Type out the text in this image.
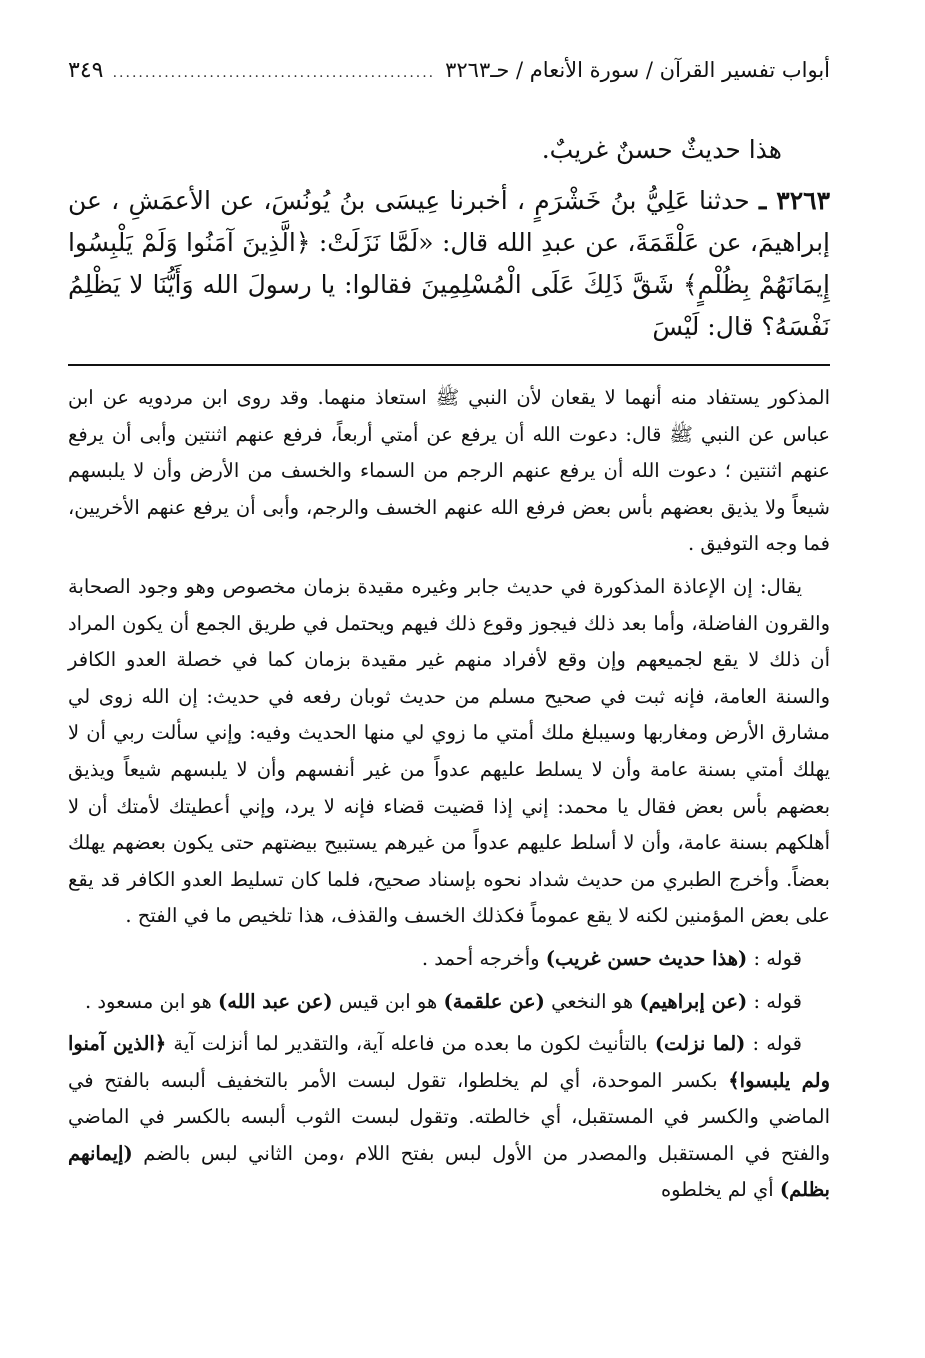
أبواب تفسير القرآن / سورة الأنعام / حـ٣٢٦٣
.....
٣٤٩
هذا حديثٌ حسنٌ غريبٌ.

٣٢٦٣ ـ حدثنا عَلِيُّ بنُ خَشْرَمٍ ، أخبرنا عِيسَى بنُ يُونُسَ، عن الأعمَشِ ، عن إبراهيمَ، عن عَلْقَمَةَ، عن عبدِ الله قال: «لَمَّا نَزَلَتْ: ﴿الَّذِينَ آمَنُوا وَلَمْ يَلْبِسُوا إِيمَانَهُمْ بِظُلْمٍ﴾ شَقَّ ذَلِكَ عَلَى الْمُسْلِمِينَ فقالوا: يا رسولَ الله وَأَيُّنَا لا يَظْلِمُ نَفْسَهُ؟ قال: لَيْسَ

المذكور يستفاد منه أنهما لا يقعان لأن النبي ﷺ استعاذ منهما. وقد روى ابن مردويه عن ابن عباس عن النبي ﷺ قال: دعوت الله أن يرفع عن أمتي أربعاً، فرفع عنهم اثنتين وأبى أن يرفع عنهم اثنتين ؛ دعوت الله أن يرفع عنهم الرجم من السماء والخسف من الأرض وأن لا يلبسهم شيعاً ولا يذيق بعضهم بأس بعض فرفع الله عنهم الخسف والرجم، وأبى أن يرفع عنهم الأخريين، فما وجه التوفيق .

يقال: إن الإعاذة المذكورة في حديث جابر وغيره مقيدة بزمان مخصوص وهو وجود الصحابة والقرون الفاضلة، وأما بعد ذلك فيجوز وقوع ذلك فيهم ويحتمل في طريق الجمع أن يكون المراد أن ذلك لا يقع لجميعهم وإن وقع لأفراد منهم غير مقيدة بزمان كما في خصلة العدو الكافر والسنة العامة، فإنه ثبت في صحيح مسلم من حديث ثوبان رفعه في حديث: إن الله زوى لي مشارق الأرض ومغاربها وسيبلغ ملك أمتي ما زوي لي منها الحديث وفيه: وإني سألت ربي أن لا يهلك أمتي بسنة عامة وأن لا يسلط عليهم عدواً من غير أنفسهم وأن لا يلبسهم شيعاً ويذيق بعضهم بأس بعض فقال يا محمد: إني إذا قضيت قضاء فإنه لا يرد، وإني أعطيتك لأمتك أن لا أهلكهم بسنة عامة، وأن لا أسلط عليهم عدواً من غيرهم يستبيح بيضتهم حتى يكون بعضهم يهلك بعضاً. وأخرج الطبري من حديث شداد نحوه بإسناد صحيح، فلما كان تسليط العدو الكافر قد يقع على بعض المؤمنين لكنه لا يقع عموماً فكذلك الخسف والقذف، هذا تلخيص ما في الفتح .

قوله : (هذا حديث حسن غريب) وأخرجه أحمد .

قوله : (عن إبراهيم) هو النخعي (عن علقمة) هو ابن قيس (عن عبد الله) هو ابن مسعود .

قوله : (لما نزلت) بالتأنيث لكون ما بعده من فاعله آية، والتقدير لما أنزلت آية ﴿الذين آمنوا ولم يلبسوا﴾ بكسر الموحدة، أي لم يخلطوا، تقول لبست الأمر بالتخفيف ألبسه بالفتح في الماضي والكسر في المستقبل، أي خالطته. وتقول لبست الثوب ألبسه بالكسر في الماضي والفتح في المستقبل والمصدر من الأول لبس بفتح اللام ،ومن الثاني لبس بالضم (إيمانهم بظلم) أي لم يخلطوه
